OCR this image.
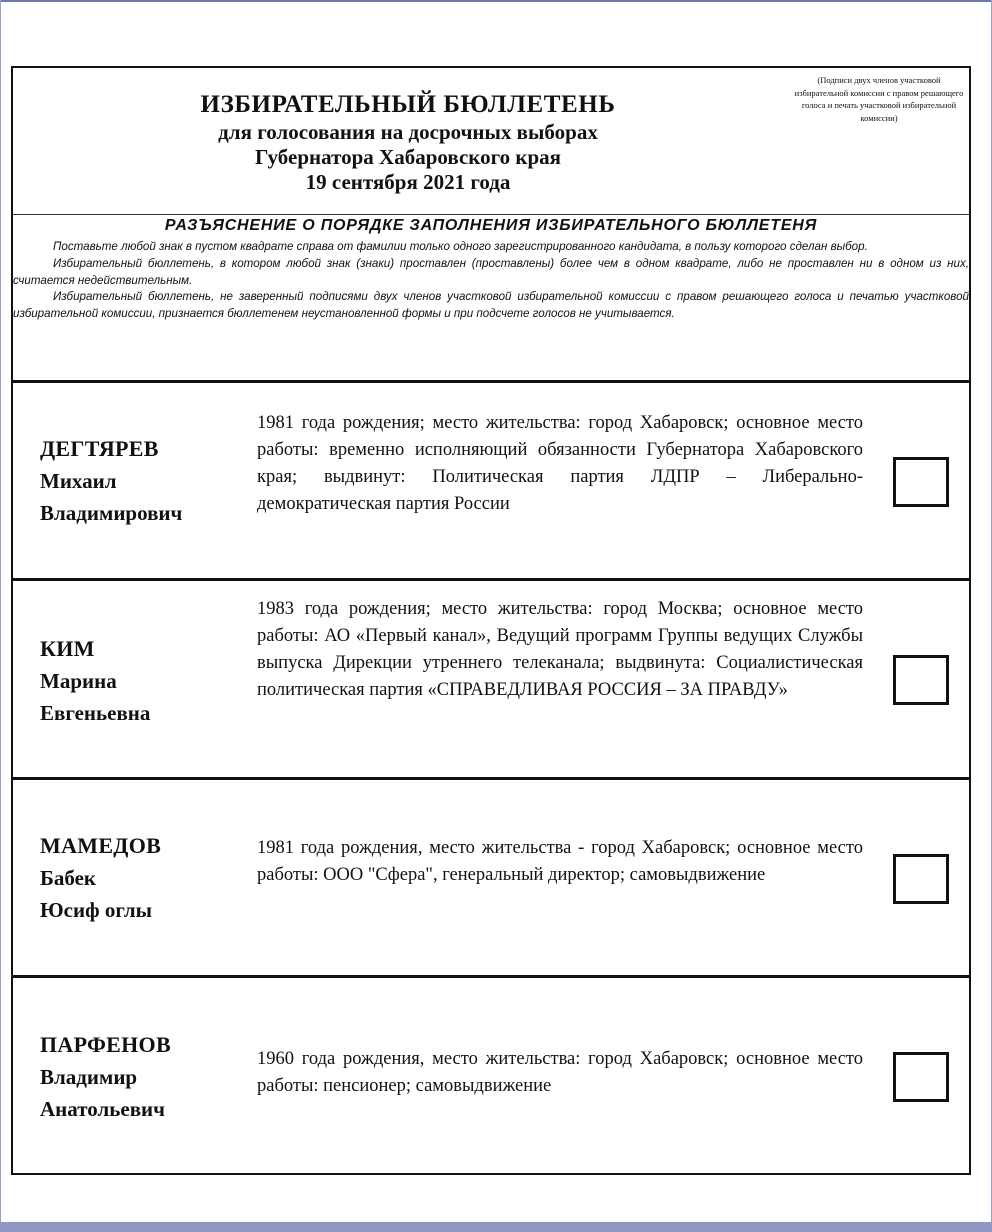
ИЗБИРАТЕЛЬНЫЙ БЮЛЛЕТЕНЬ
для голосования на досрочных выборах
Губернатора Хабаровского края
19 сентября 2021 года
(Подписи двух членов участковой избирательной комиссии с правом решающего голоса и печать участковой избирательной комиссии)
РАЗЪЯСНЕНИЕ О ПОРЯДКЕ ЗАПОЛНЕНИЯ ИЗБИРАТЕЛЬНОГО БЮЛЛЕТЕНЯ

Поставьте любой знак в пустом квадрате справа от фамилии только одного зарегистрированного кандидата, в пользу которого сделан выбор.

Избирательный бюллетень, в котором любой знак (знаки) проставлен (проставлены) более чем в одном квадрате, либо не проставлен ни в одном из них, считается недействительным.

Избирательный бюллетень, не заверенный подписями двух членов участковой избирательной комиссии с правом решающего голоса и печатью участковой избирательной комиссии, признается бюллетенем неустановленной формы и при подсчете голосов не учитывается.

ДЕГТЯРЕВ
Михаил
Владимирович
1981 года рождения; место жительства: город Хабаровск; основное место работы: временно исполняющий обязанности Губернатора Хабаровского края; выдвинут: Политическая партия ЛДПР – Либерально-демократическая партия России
КИМ
Марина
Евгеньевна
1983 года рождения; место жительства: город Москва; основное место работы: АО «Первый канал», Ведущий программ Группы ведущих Службы выпуска Дирекции утреннего телеканала; выдвинута: Социалистическая политическая партия «СПРАВЕДЛИВАЯ РОССИЯ – ЗА ПРАВДУ»
МАМЕДОВ
Бабек
Юсиф оглы
1981 года рождения, место жительства - город Хабаровск; основное место работы: ООО "Сфера", генеральный директор; самовыдвижение
ПАРФЕНОВ
Владимир
Анатольевич
1960 года рождения, место жительства: город Хабаровск; основное место работы: пенсионер; самовыдвижение
